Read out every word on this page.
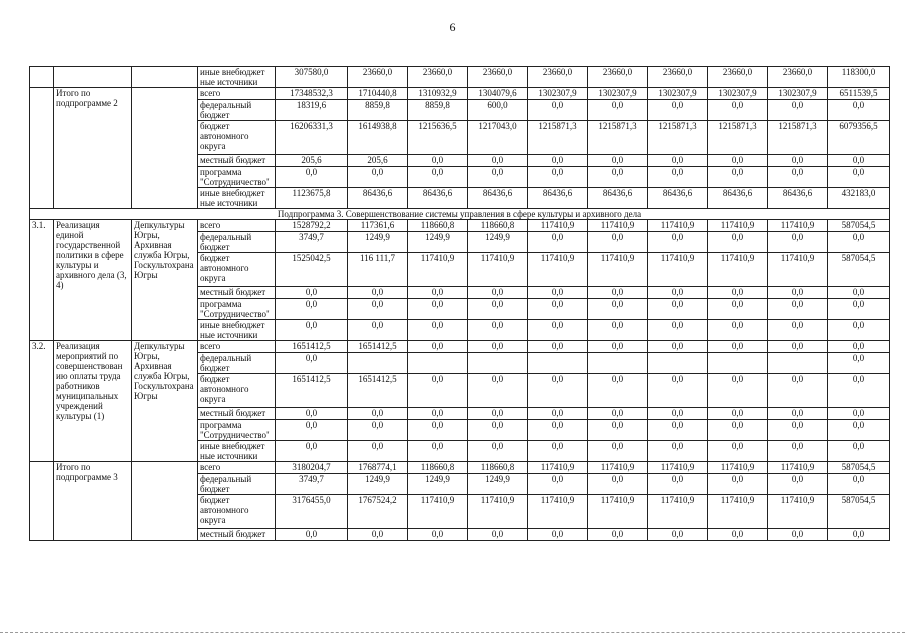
6
			иные внебюджет ные источники	307580,0	23660,0	23660,0	23660,0	23660,0	23660,0	23660,0	23660,0	23660,0	118300,0
	Итого по подпрограмме 2		всего	17348532,3	1710440,8	1310932,9	1304079,6	1302307,9	1302307,9	1302307,9	1302307,9	1302307,9	6511539,5
			федеральный бюджет	18319,6	8859,8	8859,8	600,0	0,0	0,0	0,0	0,0	0,0	0,0
			бюджет автономного округа	16206331,3	1614938,8	1215636,5	1217043,0	1215871,3	1215871,3	1215871,3	1215871,3	1215871,3	6079356,5
			местный бюджет	205,6	205,6	0,0	0,0	0,0	0,0	0,0	0,0	0,0	0,0
			программа "Сотрудничество"	0,0	0,0	0,0	0,0	0,0	0,0	0,0	0,0	0,0	0,0
			иные внебюджет ные источники	1123675,8	86436,6	86436,6	86436,6	86436,6	86436,6	86436,6	86436,6	86436,6	432183,0
Подпрограмма 3. Совершенствование системы управления в сфере культуры и архивного дела													
3.1.	Реализация единой государственной политики в сфере культуры и архивного дела (3, 4)	Депкультуры Югры, Архивная служба Югры, Госкультохрана Югры	всего	1528792,2	117361,6	118660,8	118660,8	117410,9	117410,9	117410,9	117410,9	117410,9	587054,5
			федеральный бюджет	3749,7	1249,9	1249,9	1249,9	0,0	0,0	0,0	0,0	0,0	0,0
			бюджет автономного округа	1525042,5	116 111,7	117410,9	117410,9	117410,9	117410,9	117410,9	117410,9	117410,9	587054,5
			местный бюджет	0,0	0,0	0,0	0,0	0,0	0,0	0,0	0,0	0,0	0,0
			программа "Сотрудничество"	0,0	0,0	0,0	0,0	0,0	0,0	0,0	0,0	0,0	0,0
			иные внебюджет ные источники	0,0	0,0	0,0	0,0	0,0	0,0	0,0	0,0	0,0	0,0
3.2.	Реализация мероприятий по совершенствован ию оплаты труда работников муниципальных учреждений культуры (1)	Депкультуры Югры, Архивная служба Югры, Госкультохрана Югры	всего	1651412,5	1651412,5	0,0	0,0	0,0	0,0	0,0	0,0	0,0	0,0
			федеральный бюджет	0,0									0,0
			бюджет автономного округа	1651412,5	1651412,5	0,0	0,0	0,0	0,0	0,0	0,0	0,0	0,0
			местный бюджет	0,0	0,0	0,0	0,0	0,0	0,0	0,0	0,0	0,0	0,0
			программа "Сотрудничество"	0,0	0,0	0,0	0,0	0,0	0,0	0,0	0,0	0,0	0,0
			иные внебюджет ные источники	0,0	0,0	0,0	0,0	0,0	0,0	0,0	0,0	0,0	0,0
	Итого по подпрограмме 3		всего	3180204,7	1768774,1	118660,8	118660,8	117410,9	117410,9	117410,9	117410,9	117410,9	587054,5
			федеральный бюджет	3749,7	1249,9	1249,9	1249,9	0,0	0,0	0,0	0,0	0,0	0,0
			бюджет автономного округа	3176455,0	1767524,2	117410,9	117410,9	117410,9	117410,9	117410,9	117410,9	117410,9	587054,5
			местный бюджет	0,0	0,0	0,0	0,0	0,0	0,0	0,0	0,0	0,0	0,0
